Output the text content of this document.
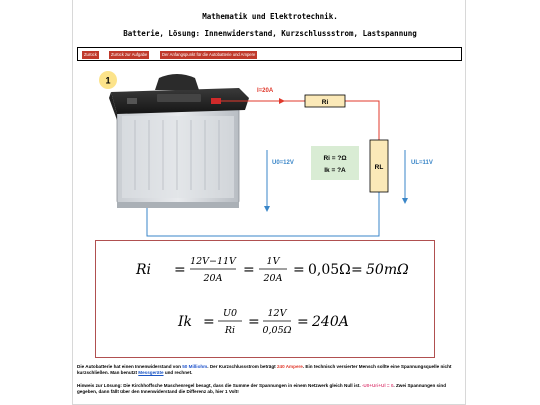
Mathematik und Elektrotechnik.
Batterie, Lösung: Innenwiderstand, Kurzschlussstrom, Lastspannung
Zurück	Zurück zur Aufgabe	Der Anfangspunkt für die Autobatterie und Ampere
1
I=20A
Ri
RL
U0=12V	UL=11V
Ri = ?Ω
Ik = ?A
Ri =
12V−11V
20A
=
1V
20A
= 0,05Ω = 50mΩ
Ik =
U0
Ri
=
12V
0,05Ω
= 240A
Die Autobatterie hat einen Innenwiderstand von 50 Milliohm. Der Kurzschlussstrom beträgt 240 Ampere. Ein technisch versierter Mensch sollte eine Spannungsquelle nicht kurzschließen. Man benutzt Messgeräte und rechnet.
Hinweis zur Lösung: Die Kirchhoffsche Maschenregel besagt, dass die Summe der Spannungen in einem Netzwerk gleich Null ist. -U0+Uri+Ul = 0. Zwei Spannungen sind gegeben, dann fällt über den Innenwiderstand die Differenz ab, hier 1 Volt!
